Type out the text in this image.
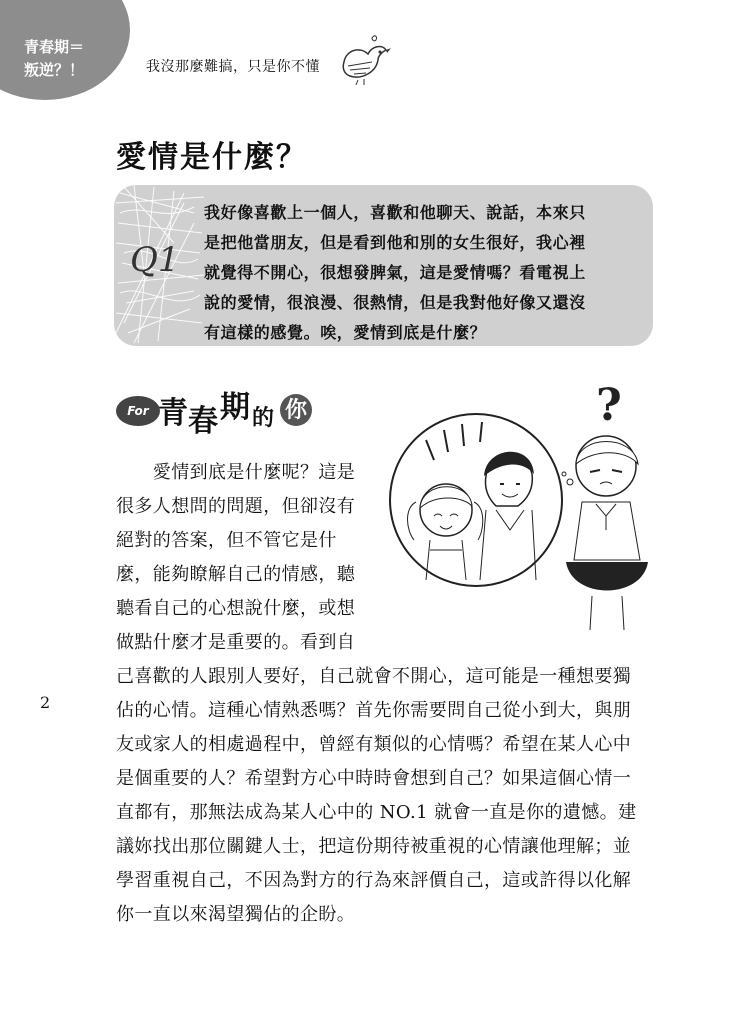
青春期＝
叛逆？！	我沒那麼難搞，只是你不懂
愛情是什麼？
Q1
我好像喜歡上一個人，喜歡和他聊天、說話，本來只
是把他當朋友，但是看到他和別的女生很好，我心裡
就覺得不開心，很想發脾氣，這是愛情嗎？看電視上
說的愛情，很浪漫、很熱情，但是我對他好像又還沒
有這樣的感覺。唉，愛情到底是什麼？
For 青 春 期 的 你	?

　　愛情到底是什麼呢？這是

很多人想問的問題，但卻沒有

絕對的答案，但不管它是什

麼，能夠瞭解自己的情感，聽

聽看自己的心想說什麼，或想

做點什麼才是重要的。看到自

己喜歡的人跟別人要好，自己就會不開心，這可能是一種想要獨

佔的心情。這種心情熟悉嗎？首先你需要問自己從小到大，與朋

友或家人的相處過程中，曾經有類似的心情嗎？希望在某人心中

是個重要的人？希望對方心中時時會想到自己？如果這個心情一

直都有，那無法成為某人心中的 NO.1 就會一直是你的遺憾。建

議妳找出那位關鍵人士，把這份期待被重視的心情讓他理解；並

學習重視自己，不因為對方的行為來評價自己，這或許得以化解

你一直以來渴望獨佔的企盼。

2
